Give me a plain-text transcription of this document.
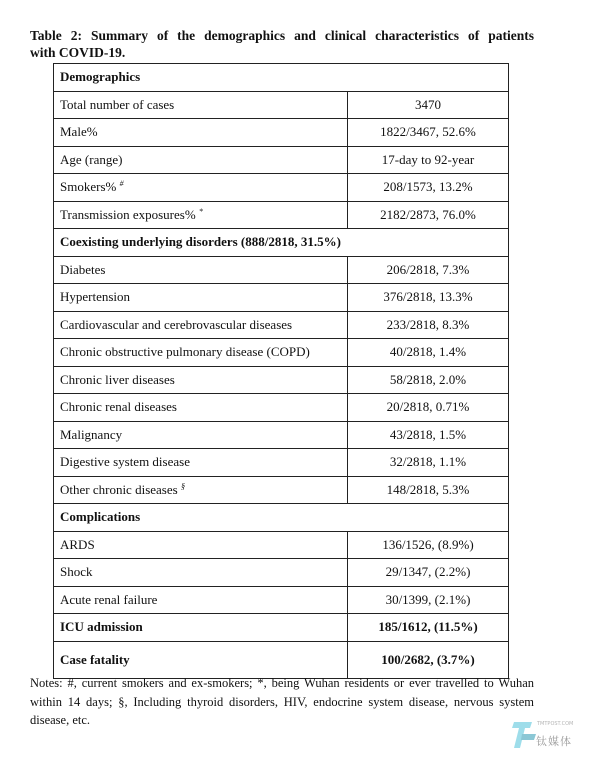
Table 2: Summary of the demographics and clinical characteristics of patients
with COVID-19.
Demographics	
Total number of cases	3470
Male%	1822/3467, 52.6%
Age (range)	17-day to 92-year
Smokers% #	208/1573, 13.2%
Transmission exposures% *	2182/2873, 76.0%
Coexisting underlying disorders (888/2818, 31.5%)	
Diabetes	206/2818, 7.3%
Hypertension	376/2818, 13.3%
Cardiovascular and cerebrovascular diseases	233/2818, 8.3%
Chronic obstructive pulmonary disease (COPD)	40/2818, 1.4%
Chronic liver diseases	58/2818, 2.0%
Chronic renal diseases	20/2818, 0.71%
Malignancy	43/2818, 1.5%
Digestive system disease	32/2818, 1.1%
Other chronic diseases §	148/2818, 5.3%
Complications	
ARDS	136/1526, (8.9%)
Shock	29/1347, (2.2%)
Acute renal failure	30/1399, (2.1%)
ICU admission	185/1612, (11.5%)
Case fatality	100/2682, (3.7%)
Notes: #, current smokers and ex-smokers; *, being Wuhan residents or ever travelled to Wuhan within 14 days; §, Including thyroid disorders, HIV, endocrine system disease, nervous system disease, etc.	TMTPOST.COM
钛媒体
